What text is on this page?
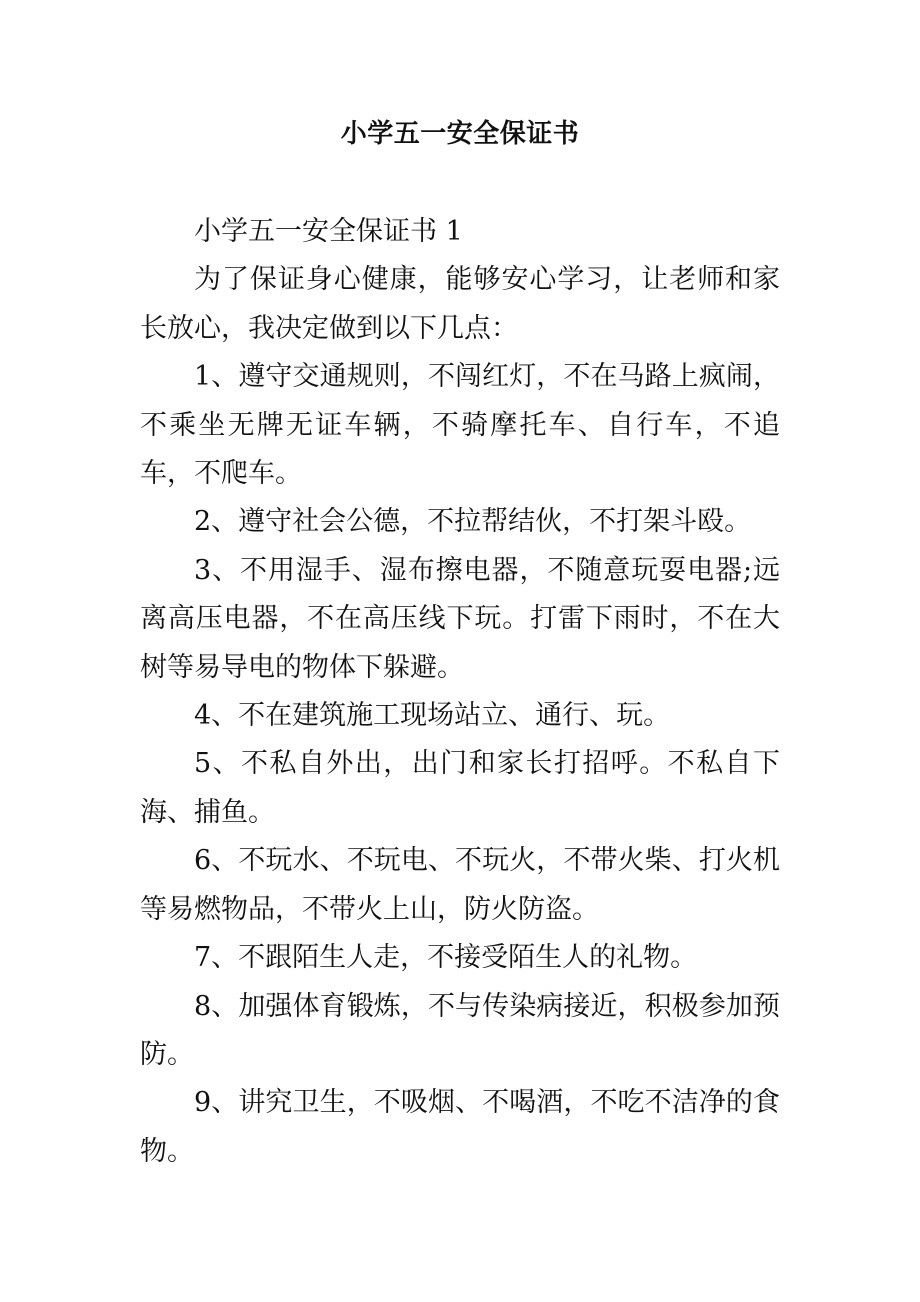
小学五一安全保证书

小学五一安全保证书 1

为了保证身心健康，能够安心学习，让老师和家长放心，我决定做到以下几点：

1、遵守交通规则，不闯红灯，不在马路上疯闹，不乘坐无牌无证车辆，不骑摩托车、自行车，不追车，不爬车。

2、遵守社会公德，不拉帮结伙，不打架斗殴。

3、不用湿手、湿布擦电器，不随意玩耍电器;远离高压电器，不在高压线下玩。打雷下雨时，不在大树等易导电的物体下躲避。

4、不在建筑施工现场站立、通行、玩。

5、不私自外出，出门和家长打招呼。不私自下海、捕鱼。

6、不玩水、不玩电、不玩火，不带火柴、打火机等易燃物品，不带火上山，防火防盗。

7、不跟陌生人走，不接受陌生人的礼物。

8、加强体育锻炼，不与传染病接近，积极参加预防。

9、讲究卫生，不吸烟、不喝酒，不吃不洁净的食物。
